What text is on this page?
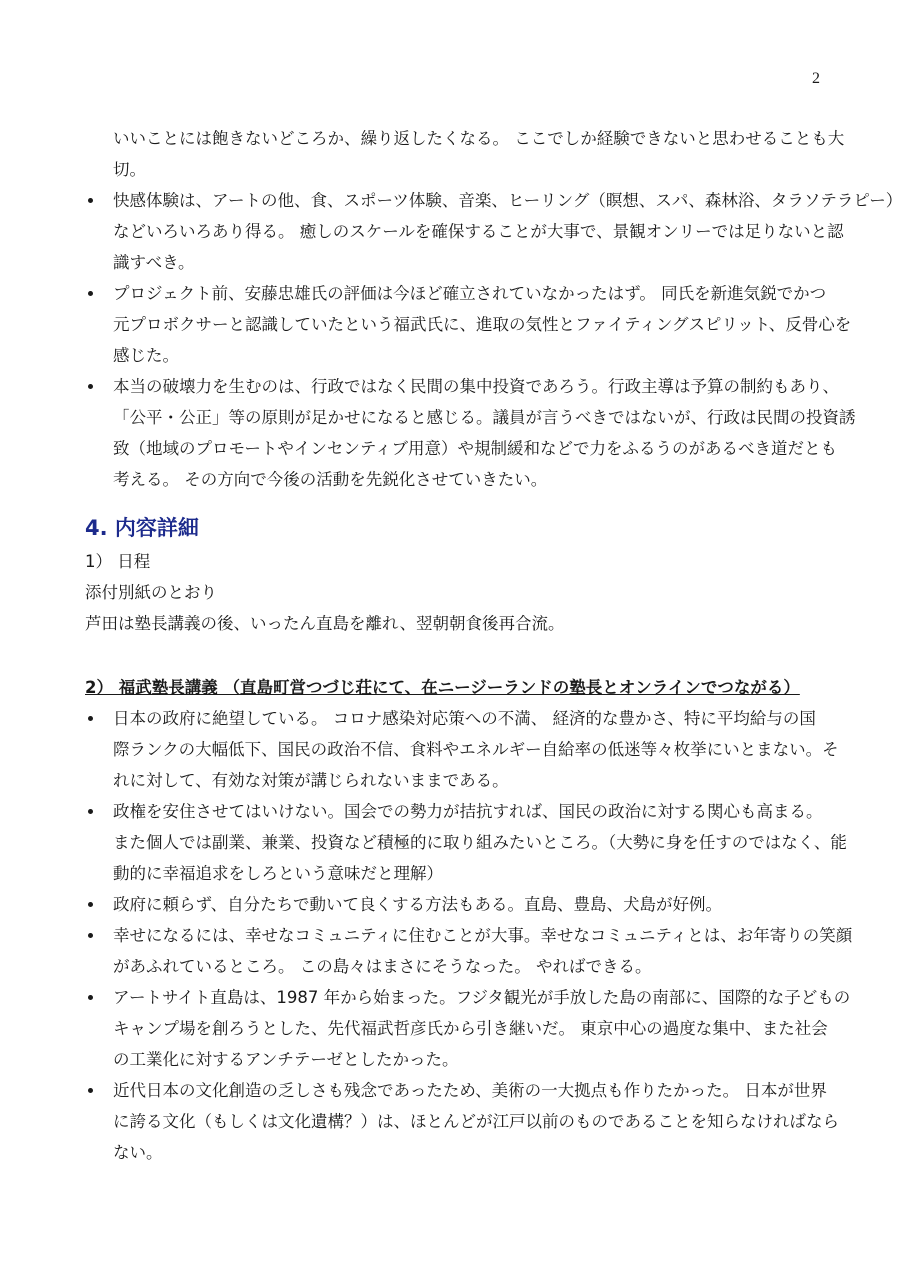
2
いいことには飽きないどころか、繰り返したくなる。 ここでしか経験できないと思わせることも大
切。
快感体験は、アートの他、食、スポーツ体験、音楽、ヒーリング（瞑想、スパ、森林浴、タラソテラピー）
などいろいろあり得る。 癒しのスケールを確保することが大事で、景観オンリーでは足りないと認
識すべき。
プロジェクト前、安藤忠雄氏の評価は今ほど確立されていなかったはず。 同氏を新進気鋭でかつ
元プロボクサーと認識していたという福武氏に、進取の気性とファイティングスピリット、反骨心を
感じた。
本当の破壊力を生むのは、行政ではなく民間の集中投資であろう。行政主導は予算の制約もあり、
「公平・公正」等の原則が足かせになると感じる。議員が言うべきではないが、行政は民間の投資誘
致（地域のプロモートやインセンティブ用意）や規制緩和などで力をふるうのがあるべき道だとも
考える。 その方向で今後の活動を先鋭化させていきたい。
4. 内容詳細
1） 日程
添付別紙のとおり
芦田は塾長講義の後、いったん直島を離れ、翌朝朝食後再合流。
2） 福武塾長講義 （直島町営つづじ荘にて、在ニージーランドの塾長とオンラインでつながる）
日本の政府に絶望している。 コロナ感染対応策への不満、 経済的な豊かさ、特に平均給与の国
際ランクの大幅低下、国民の政治不信、食料やエネルギー自給率の低迷等々枚挙にいとまない。そ
れに対して、有効な対策が講じられないままである。
政権を安住させてはいけない。国会での勢力が拮抗すれば、国民の政治に対する関心も高まる。
また個人では副業、兼業、投資など積極的に取り組みたいところ。（大勢に身を任すのではなく、能
動的に幸福追求をしろという意味だと理解）
政府に頼らず、自分たちで動いて良くする方法もある。直島、豊島、犬島が好例。
幸せになるには、幸せなコミュニティに住むことが大事。幸せなコミュニティとは、お年寄りの笑顔
があふれているところ。 この島々はまさにそうなった。 やればできる。
アートサイト直島は、1987 年から始まった。フジタ観光が手放した島の南部に、国際的な子どもの
キャンプ場を創ろうとした、先代福武哲彦氏から引き継いだ。 東京中心の過度な集中、また社会
の工業化に対するアンチテーゼとしたかった。
近代日本の文化創造の乏しさも残念であったため、美術の一大拠点も作りたかった。 日本が世界
に誇る文化（もしくは文化遺構？）は、ほとんどが江戸以前のものであることを知らなければなら
ない。
